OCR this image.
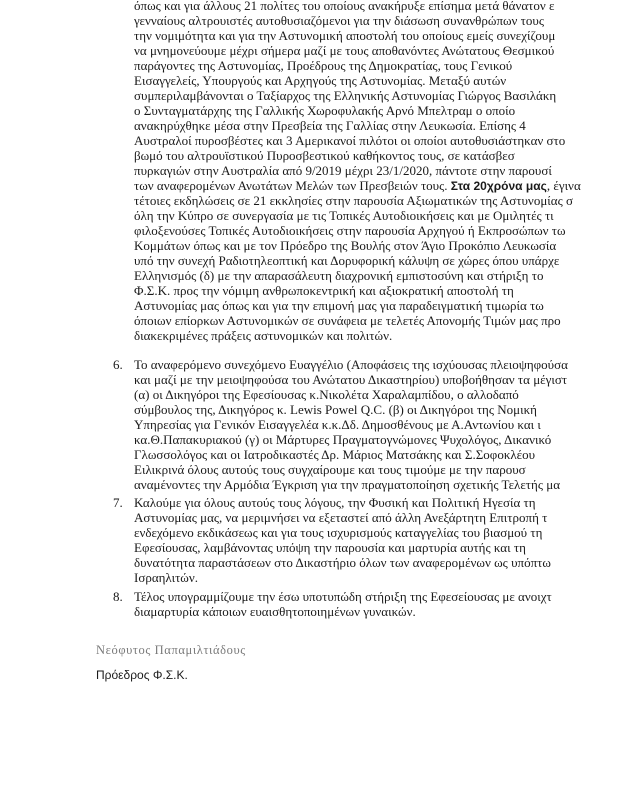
όπως και για άλλους 21 πολίτες του οποίους ανακήρυξε επίσημα μετά θάνατον ε
γενναίους αλτρουιστές αυτοθυσιαζόμενοι για την διάσωση συνανθρώπων τους
την νομιμότητα και για την Αστυνομική αποστολή του οποίους εμείς συνεχίζουμ
να μνημονεύουμε μέχρι σήμερα μαζί με τους αποθανόντες Ανώτατους Θεσμικού
παράγοντες της Αστυνομίας, Προέδρους της Δημοκρατίας, τους Γενικού
Εισαγγελείς, Υπουργούς και Αρχηγούς της Αστυνομίας. Μεταξύ αυτών
συμπεριλαμβάνονται ο Ταξίαρχος της Ελληνικής Αστυνομίας Γιώργος Βασιλάκη
ο Συνταγματάρχης της Γαλλικής Χωροφυλακής Αρνό Μπελτραμ ο οποίο
ανακηρύχθηκε μέσα στην Πρεσβεία της Γαλλίας στην Λευκωσία. Επίσης 4
Αυστραλοί πυροσβέστες και 3 Αμερικανοί πιλότοι οι οποίοι αυτοθυσιάστηκαν στο
βωμό του αλτρουϊστικού Πυροσβεστικού καθήκοντος τους, σε κατάσβεσ
πυρκαγιών στην Αυστραλία από 9/2019 μέχρι 23/1/2020, πάντοτε στην παρουσί
των αναφερομένων Ανωτάτων Μελών των Πρεσβειών τους. Στα 20χρόνα μας, έγινα
τέτοιες εκδηλώσεις σε 21 εκκλησίες στην παρουσία Αξιωματικών της Αστυνομίας σ
όλη την Κύπρο σε συνεργασία με τις Τοπικές Αυτοδιοικήσεις και με Ομιλητές τι
φιλοξενούσες Τοπικές Αυτοδιοικήσεις στην παρουσία Αρχηγού ή Εκπροσώπων τω
Κομμάτων όπως και με τον Πρόεδρο της Βουλής στον Άγιο Προκόπιο Λευκωσία
υπό την συνεχή Ραδιοτηλεοπτική και Δορυφορική κάλυψη σε χώρες όπου υπάρχε
Ελληνισμός (δ) με την απαρασάλευτη διαχρονική εμπιστοσύνη και στήριξη το
Φ.Σ.Κ. προς την νόμιμη ανθρωποκεντρική και αξιοκρατική αποστολή τη
Αστυνομίας μας όπως και για την επιμονή μας για παραδειγματική τιμωρία τω
όποιων επίορκων Αστυνομικών σε συνάφεια με τελετές Απονομής Τιμών μας προ
διακεκριμένες πράξεις αστυνομικών και πολιτών.
6. Το αναφερόμενο συνεχόμενο Ευαγγέλιο (Αποφάσεις της ισχύουσας πλειοψηφούσα
και μαζί με την μειοψηφούσα του Ανώτατου Δικαστηρίου) υποβοήθησαν τα μέγιστ
(α) οι Δικηγόροι της Εφεσίουσας κ.Νικολέτα Χαραλαμπίδου, ο αλλοδαπό
σύμβουλος της, Δικηγόρος κ. Lewis Powel Q.C. (β) οι Δικηγόροι της Νομική
Υπηρεσίας για Γενικόν Εισαγγελέα κ.κ.Δδ. Δημοσθένους με Α.Αντωνίου και ι
κα.Θ.Παπακυριακού (γ) οι Μάρτυρες Πραγματογνώμονες Ψυχολόγος, Δικανικό
Γλωσσολόγος και οι Ιατροδικαστές Δρ. Μάριος Ματσάκης και Σ.Σοφοκλέου
Ειλικρινά όλους αυτούς τους συγχαίρουμε και τους τιμούμε με την παρουσ
αναμένοντες την Αρμόδια Έγκριση για την πραγματοποίηση σχετικής Τελετής μα
7. Καλούμε για όλους αυτούς τους λόγους, την Φυσική και Πολιτική Ηγεσία τη
Αστυνομίας μας, να μεριμνήσει να εξεταστεί από άλλη Ανεξάρτητη Επιτροπή τ
ενδεχόμενο εκδικάσεως και για τους ισχυρισμούς καταγγελίας του βιασμού τη
Εφεσίουσας, λαμβάνοντας υπόψη την παρουσία και μαρτυρία αυτής και τη
δυνατότητα παραστάσεων στο Δικαστήριο όλων των αναφερομένων ως υπόπτω
Ισραηλιτών.
8. Τέλος υπογραμμίζουμε την έσω υποτυπώδη στήριξη της Εφεσείουσας με ανοιχτ
διαμαρτυρία κάποιων ευαισθητοποιημένων γυναικών.
Νεόφυτος Παπαμιλτιάδους
Πρόεδρος Φ.Σ.Κ.
